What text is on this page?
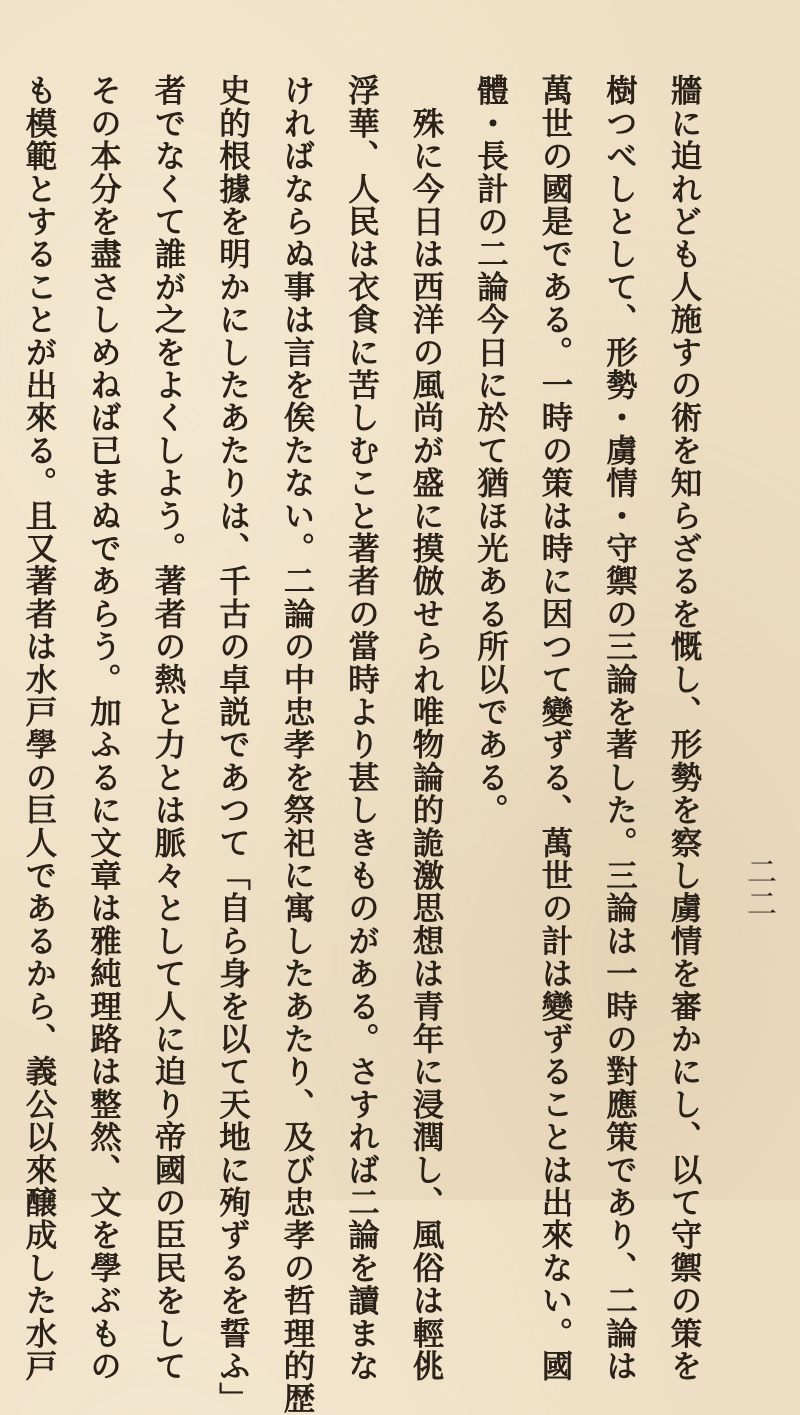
二二
牆に迫れども人施すの術を知らざるを慨し、形勢を察し虜情を審かにし、以て守禦の策を
樹つべしとして、形勢・虜情・守禦の三論を著した。三論は一時の對應策であり、二論は
萬世の國是である。一時の策は時に因つて變ずる、萬世の計は變ずることは出來ない。國
體・長計の二論今日に於て猶ほ光ある所以である。
　殊に今日は西洋の風尚が盛に摸倣せられ唯物論的詭激思想は青年に浸潤し、風俗は輕佻
浮華、人民は衣食に苦しむこと著者の當時より甚しきものがある。さすれば二論を讀まな
ければならぬ事は言を俟たない。二論の中忠孝を祭祀に寓したあたり、及び忠孝の哲理的歴
史的根據を明かにしたあたりは、千古の卓説であつて「自ら身を以て天地に殉ずるを誓ふ」
者でなくて誰が之をよくしよう。著者の熱と力とは脈々として人に迫り帝國の臣民をして
その本分を盡さしめねば已まぬであらう。加ふるに文章は雅純理路は整然、文を學ぶもの
も模範とすることが出來る。且又著者は水戸學の巨人であるから、義公以來醸成した水戸
